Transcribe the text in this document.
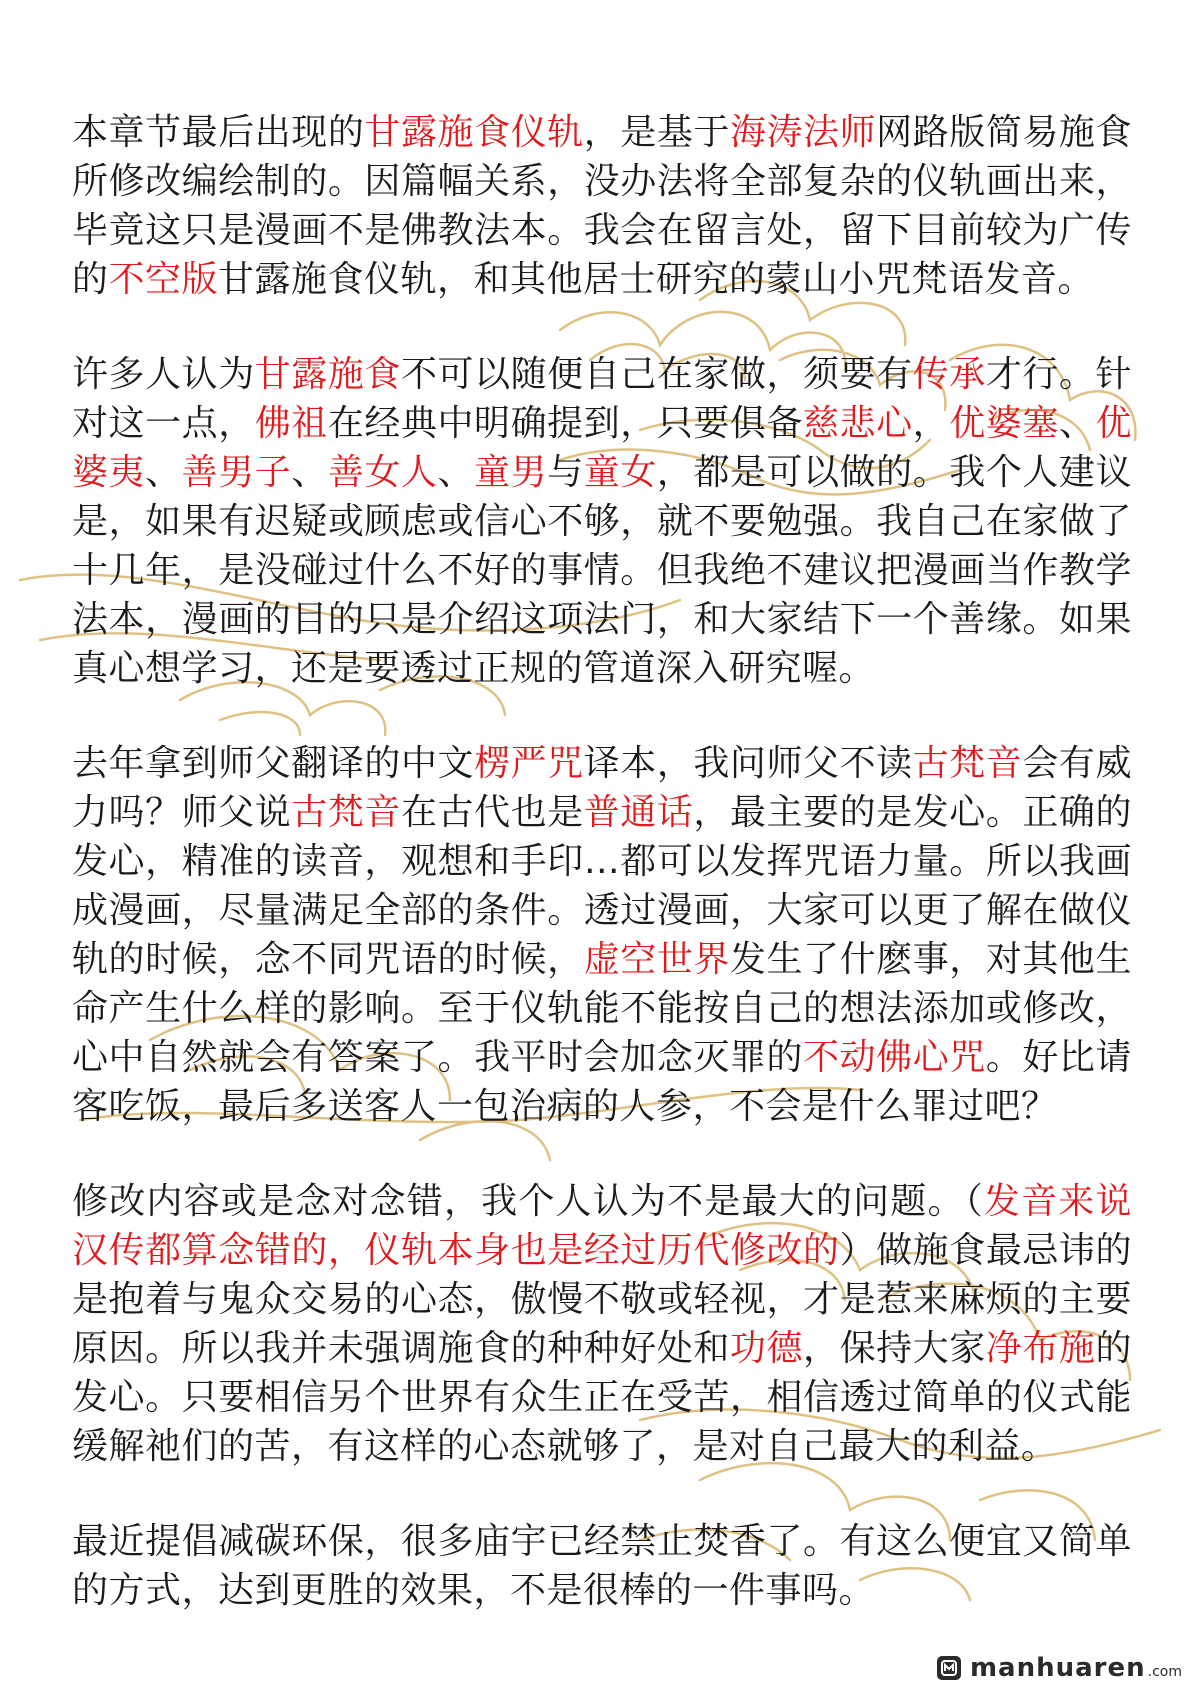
本章节最后出现的甘露施食仪轨，是基于海涛法师网路版简易施食所修改编绘制的。因篇幅关系，没办法将全部复杂的仪轨画出来，毕竟这只是漫画不是佛教法本。我会在留言处，留下目前较为广传的不空版甘露施食仪轨，和其他居士研究的蒙山小咒梵语发音。

许多人认为甘露施食不可以随便自己在家做，须要有传承才行。针对这一点，佛祖在经典中明确提到，只要俱备慈悲心，优婆塞、优婆夷、善男子、善女人、童男与童女，都是可以做的。我个人建议是，如果有迟疑或顾虑或信心不够，就不要勉强。我自己在家做了十几年，是没碰过什么不好的事情。但我绝不建议把漫画当作教学法本，漫画的目的只是介绍这项法门，和大家结下一个善缘。如果真心想学习，还是要透过正规的管道深入研究喔。

去年拿到师父翻译的中文楞严咒译本，我问师父不读古梵音会有威力吗？师父说古梵音在古代也是普通话，最主要的是发心。正确的发心，精准的读音，观想和手印…都可以发挥咒语力量。所以我画成漫画，尽量满足全部的条件。透过漫画，大家可以更了解在做仪轨的时候，念不同咒语的时候，虚空世界发生了什麽事，对其他生命产生什么样的影响。至于仪轨能不能按自己的想法添加或修改，心中自然就会有答案了。我平时会加念灭罪的不动佛心咒。好比请客吃饭，最后多送客人一包治病的人参，不会是什么罪过吧？

修改内容或是念对念错，我个人认为不是最大的问题。（发音来说汉传都算念错的，仪轨本身也是经过历代修改的）做施食最忌讳的是抱着与鬼众交易的心态，傲慢不敬或轻视，才是惹来麻烦的主要原因。所以我并未强调施食的种种好处和功德，保持大家净布施的发心。只要相信另个世界有众生正在受苦，相信透过简单的仪式能缓解祂们的苦，有这样的心态就够了，是对自己最大的利益。

最近提倡减碳环保，很多庙宇已经禁止焚香了。有这么便宜又简单的方式，达到更胜的效果，不是很棒的一件事吗。

manhuaren .com
